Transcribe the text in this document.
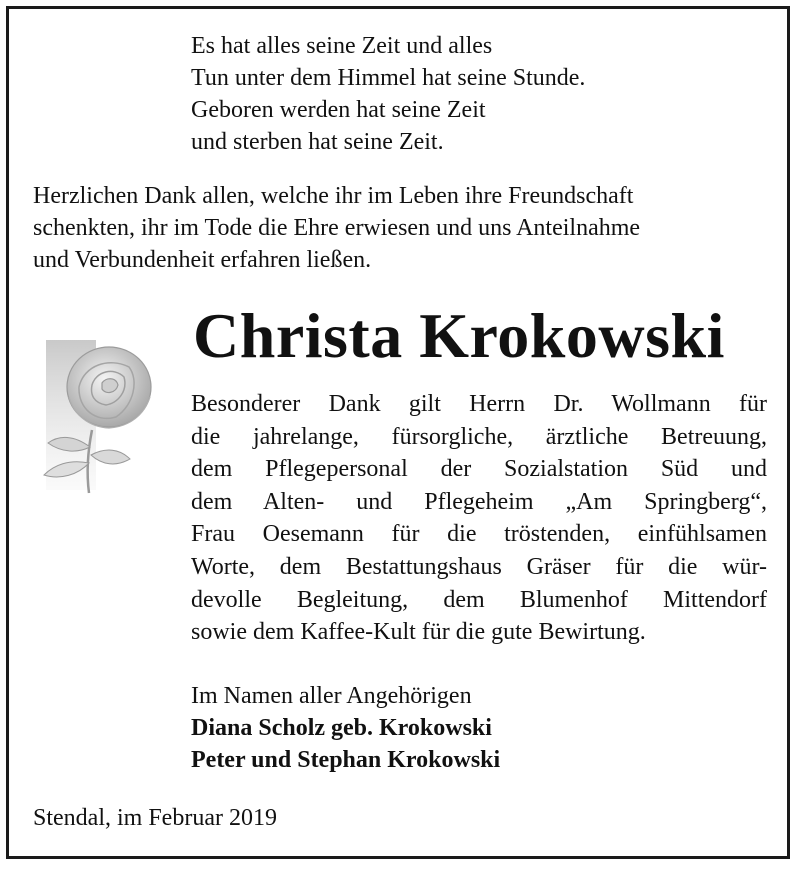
Es hat alles seine Zeit und alles
Tun unter dem Himmel hat seine Stunde.
Geboren werden hat seine Zeit
und sterben hat seine Zeit.
Herzlichen Dank allen, welche ihr im Leben ihre Freundschaft
schenkten, ihr im Tode die Ehre erwiesen und uns Anteilnahme
und Verbundenheit erfahren ließen.
Christa Krokowski
Besonderer Dank gilt Herrn Dr. Wollmann für
die jahrelange, fürsorgliche, ärztliche Betreuung,
dem Pflegepersonal der Sozialstation Süd und
dem Alten- und Pflegeheim „Am Springberg“,
Frau Oesemann für die tröstenden, einfühlsamen
Worte, dem Bestattungshaus Gräser für die wür-
devolle Begleitung, dem Blumenhof Mittendorf
sowie dem Kaffee-Kult für die gute Bewirtung.
Im Namen aller Angehörigen
Diana Scholz geb. Krokowski
Peter und Stephan Krokowski
Stendal, im Februar 2019
